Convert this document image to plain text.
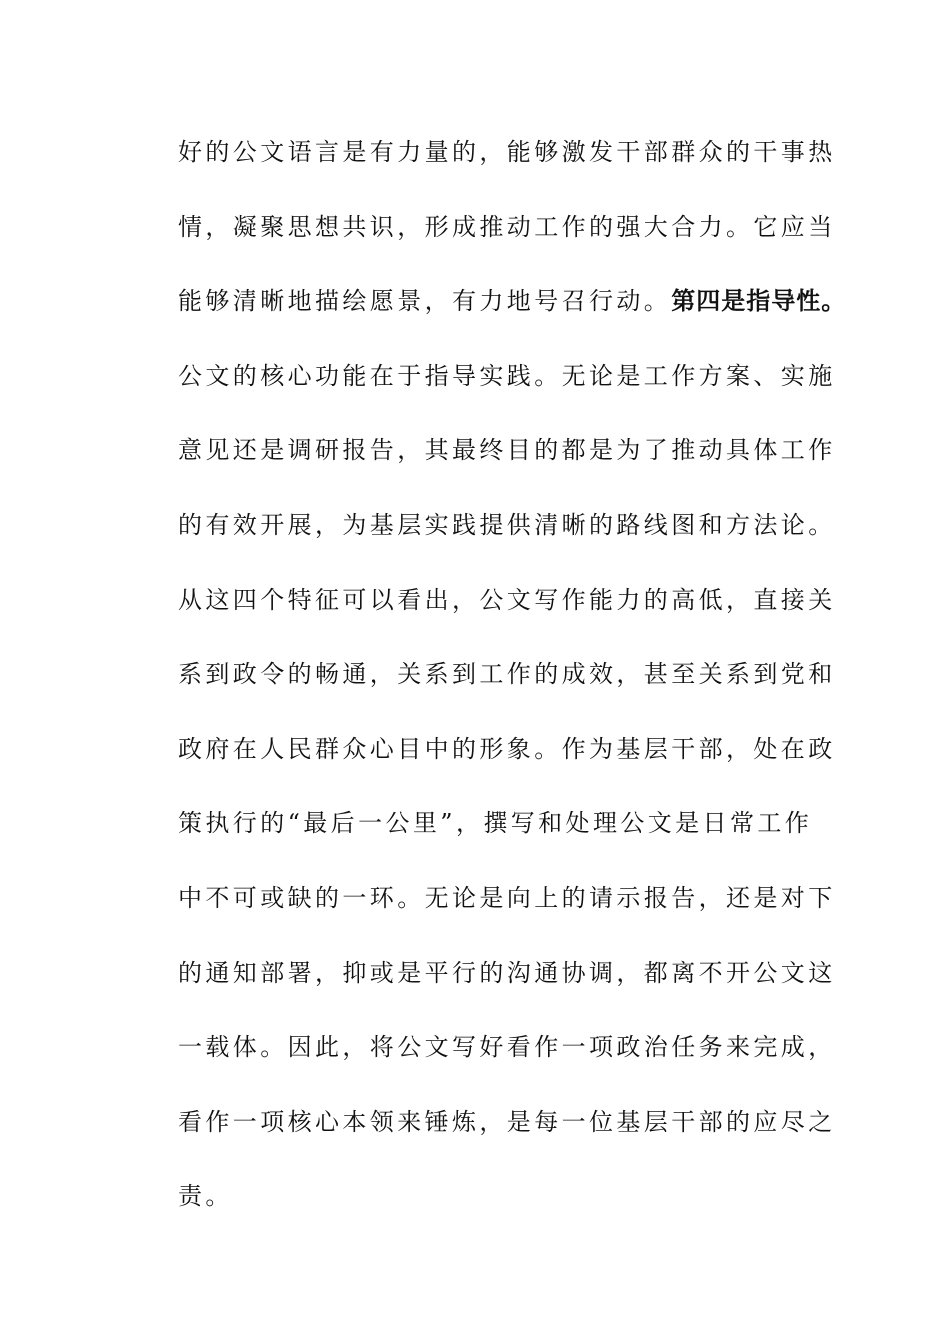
好的公文语言是有力量的，能够激发干部群众的干事热
情，凝聚思想共识，形成推动工作的强大合力。它应当
能够清晰地描绘愿景，有力地号召行动。第四是指导性。
公文的核心功能在于指导实践。无论是工作方案、实施
意见还是调研报告，其最终目的都是为了推动具体工作
的有效开展，为基层实践提供清晰的路线图和方法论。
从这四个特征可以看出，公文写作能力的高低，直接关
系到政令的畅通，关系到工作的成效，甚至关系到党和
政府在人民群众心目中的形象。作为基层干部，处在政
策执行的“最后一公里”，撰写和处理公文是日常工作
中不可或缺的一环。无论是向上的请示报告，还是对下
的通知部署，抑或是平行的沟通协调，都离不开公文这
一载体。因此，将公文写好看作一项政治任务来完成，
看作一项核心本领来锤炼，是每一位基层干部的应尽之
责。
